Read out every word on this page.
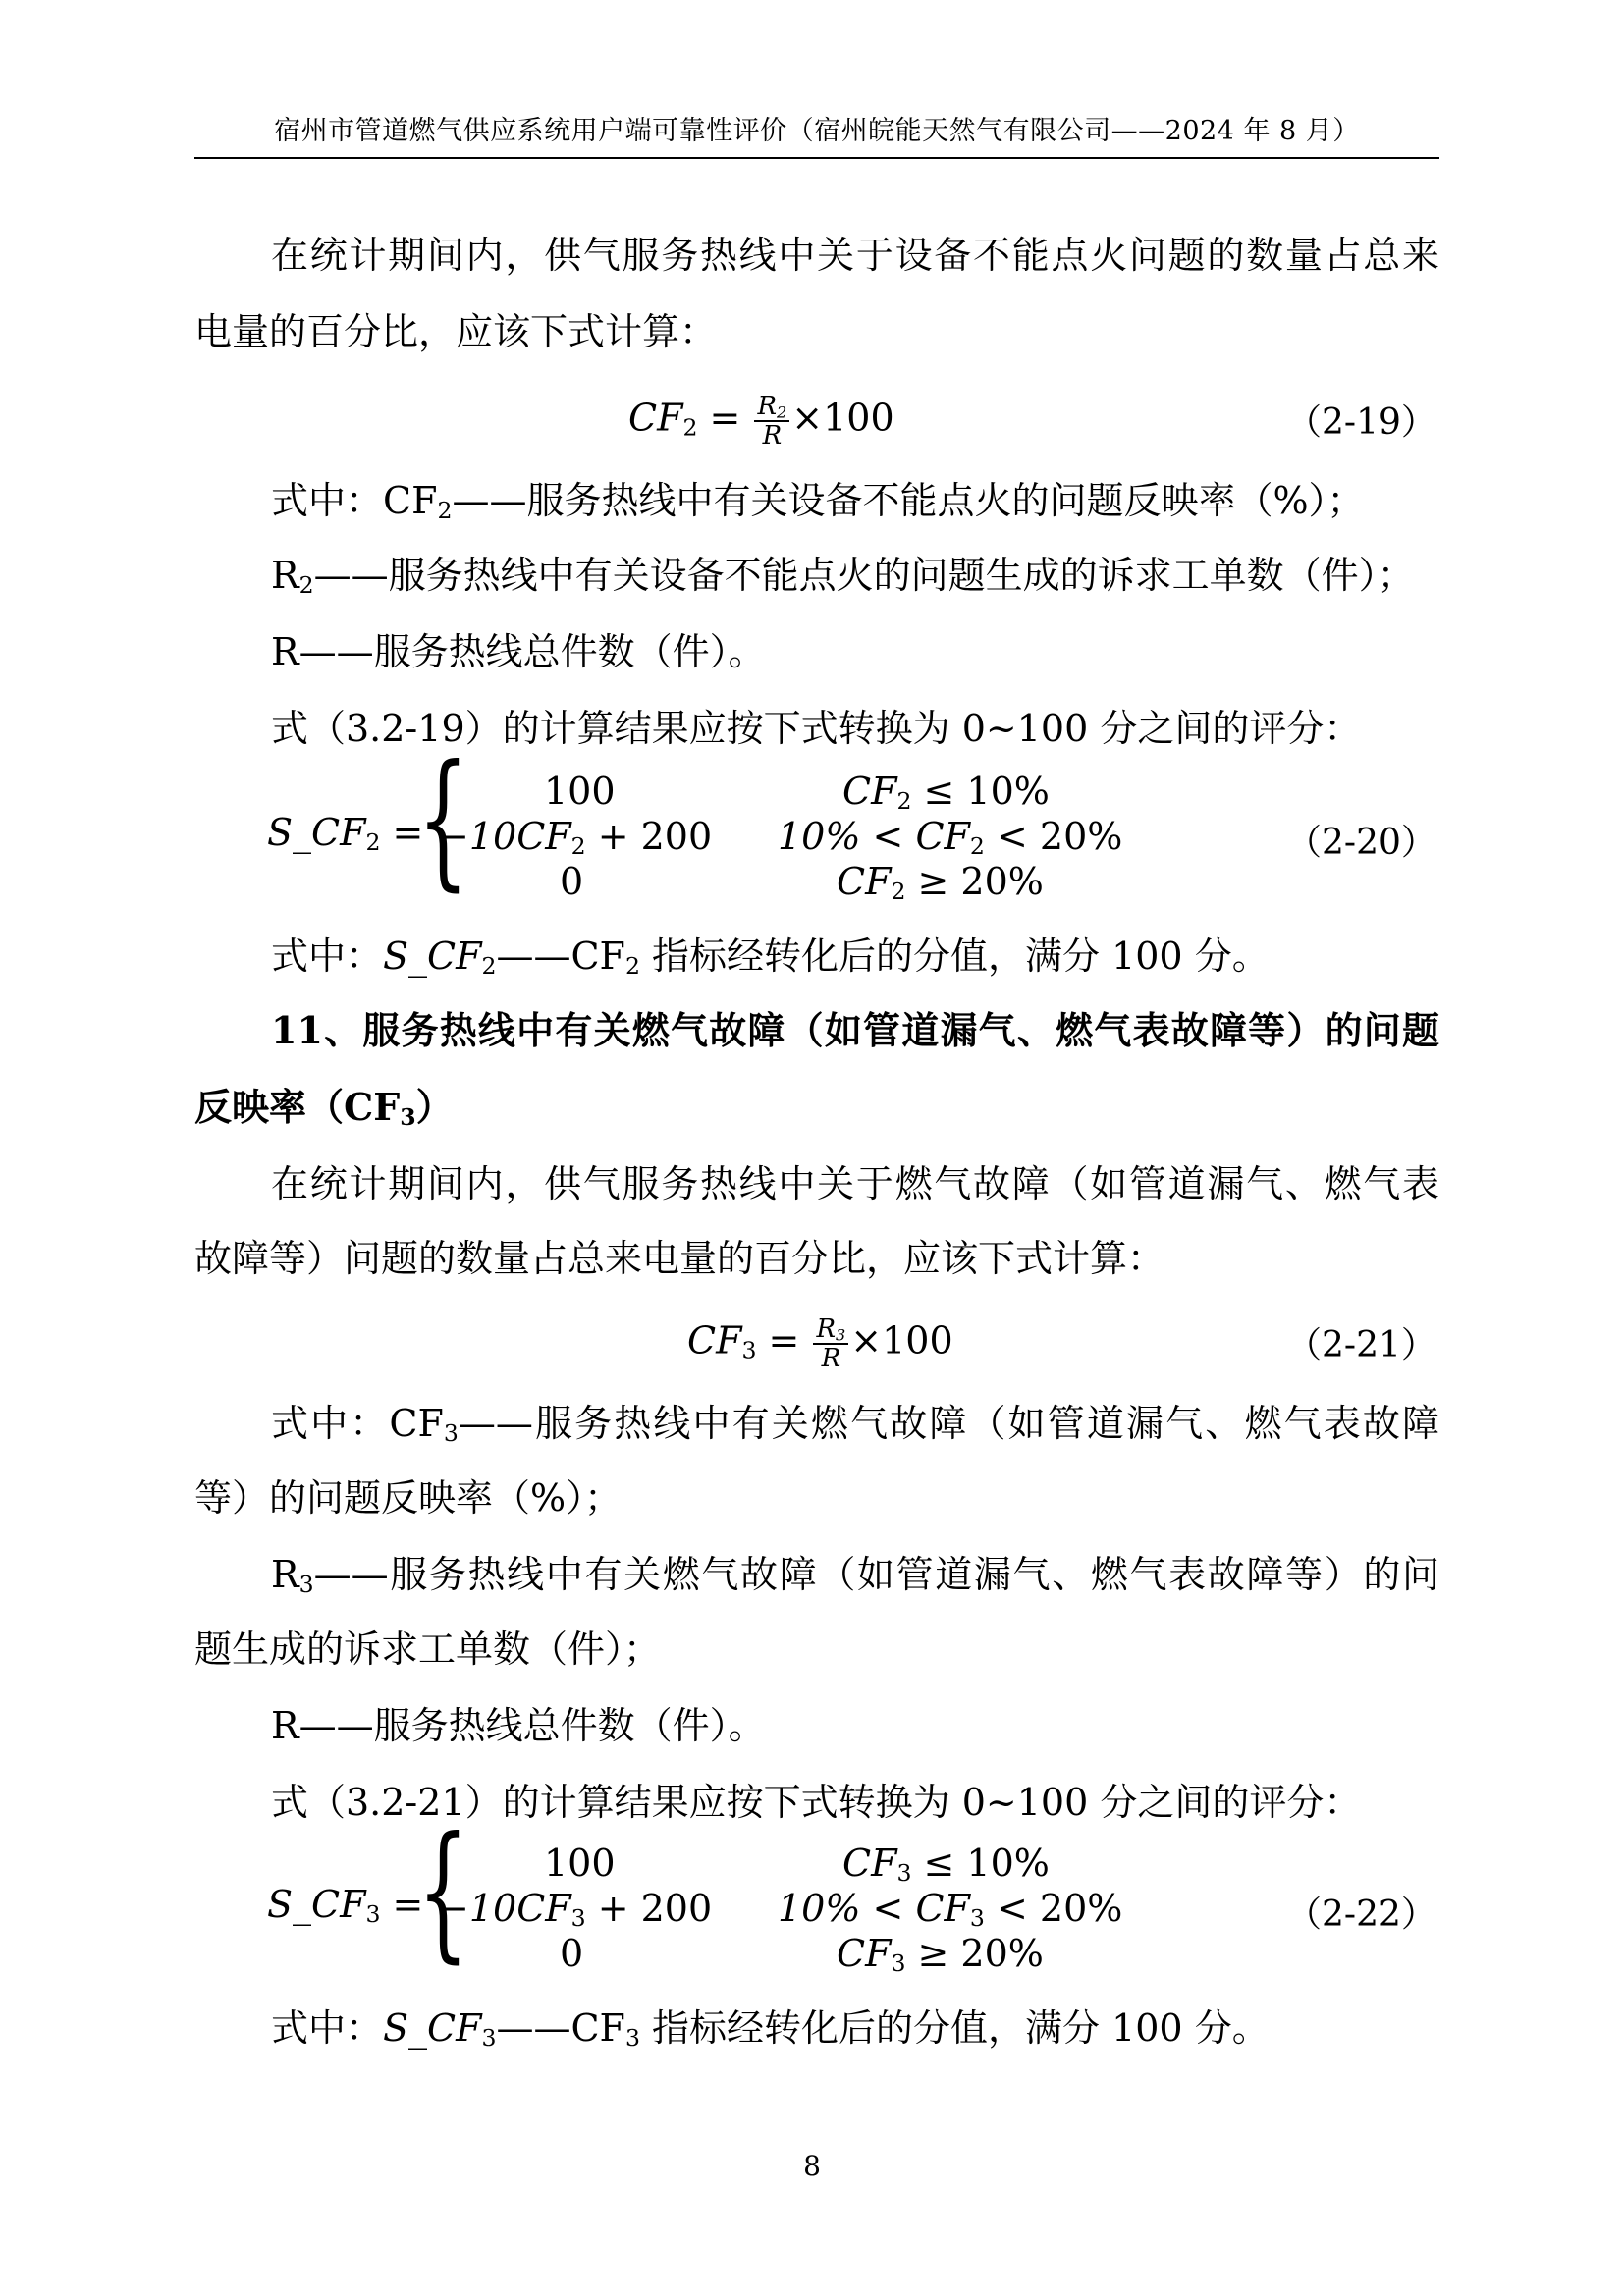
宿州市管道燃气供应系统用户端可靠性评价（宿州皖能天然气有限公司——2024 年 8 月）
在统计期间内，供气服务热线中关于设备不能点火问题的数量占总来
电量的百分比，应该下式计算：
$CF_2 = \frac{R_2}{R} \times 100$	（2-19）
式中：$CF_2——$服务热线中有关设备不能点火的问题反映率（%）；
$R_2——$服务热线中有关设备不能点火的问题生成的诉求工单数（件）；
R——服务热线总件数（件）。
式（3.2-19）的计算结果应按下式转换为 0~100 分之间的评分：
$S\_CF_2$ =
{ 100	$CF_2 \le 10\%$
$-10CF_2 + 200$ $10\% < CF_2 < 20\%$
0	$CF_2 \ge 20\%$
（2-20）
式中：$S\_CF_2——CF_2$ 指标经转化后的分值，满分 100 分。
11、服务热线中有关燃气故障（如管道漏气、燃气表故障等）的问题
反映率$(CF_3)$
在统计期间内，供气服务热线中关于燃气故障（如管道漏气、燃气表
故障等）问题的数量占总来电量的百分比，应该下式计算：
$CF_3 = \frac{R_3}{R} \times 100$	（2-21）
式中：$CF_3——$服务热线中有关燃气故障（如管道漏气、燃气表故障
等）的问题反映率（%）；
$R_3——$服务热线中有关燃气故障（如管道漏气、燃气表故障等）的问
题生成的诉求工单数（件）；
R——服务热线总件数（件）。
式（3.2-21）的计算结果应按下式转换为 0~100 分之间的评分：
$S\_CF_3$ =
{ 100	$CF_3 \le 10\%$
$-10CF_3 + 200$ $10\% < CF_3 < 20\%$
0	$CF_3 \ge 20\%$
（2-22）
式中：$S\_CF_3——CF_3$ 指标经转化后的分值，满分 100 分。
8
